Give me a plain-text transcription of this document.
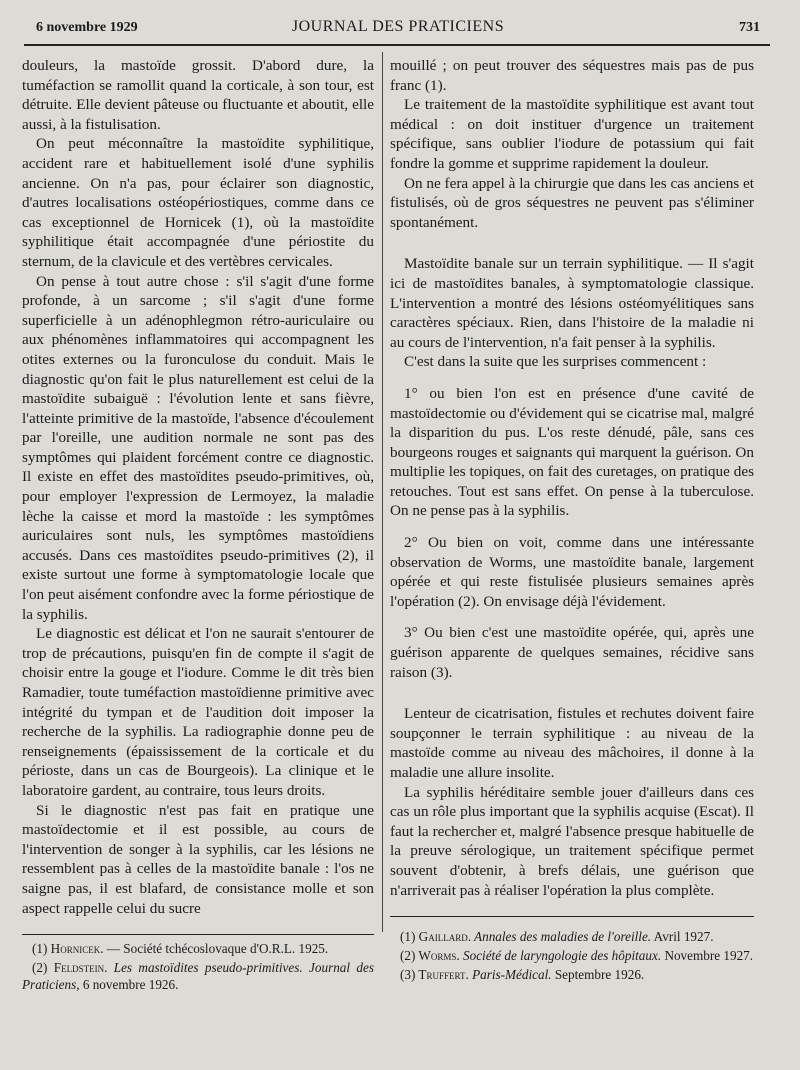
6 novembre 1929	JOURNAL DES PRATICIENS	731

douleurs, la mastoïde grossit. D'abord dure, la tuméfaction se ramollit quand la corticale, à son tour, est détruite. Elle devient pâteuse ou fluctuante et aboutit, elle aussi, à la fistulisation.

On peut méconnaître la mastoïdite syphilitique, accident rare et habituellement isolé d'une syphilis ancienne. On n'a pas, pour éclairer son diagnostic, d'autres localisations ostéopériostiques, comme dans ce cas exceptionnel de Hornicek (1), où la mastoïdite syphilitique était accompagnée d'une périostite du sternum, de la clavicule et des vertèbres cervicales.

On pense à tout autre chose : s'il s'agit d'une forme profonde, à un sarcome ; s'il s'agit d'une forme superficielle à un adénophlegmon rétro-auriculaire ou aux phénomènes inflammatoires qui accompagnent les otites externes ou la furonculose du conduit. Mais le diagnostic qu'on fait le plus naturellement est celui de la mastoïdite subaiguë : l'évolution lente et sans fièvre, l'atteinte primitive de la mastoïde, l'absence d'écoulement par l'oreille, une audition normale ne sont pas des symptômes qui plaident forcément contre ce diagnostic. Il existe en effet des mastoïdites pseudo-primitives, où, pour employer l'expression de Lermoyez, la maladie lèche la caisse et mord la mastoïde : les symptômes auriculaires sont nuls, les symptômes mastoïdiens accusés. Dans ces mastoïdites pseudo-primitives (2), il existe surtout une forme à symptomatologie locale que l'on peut aisément confondre avec la forme périostique de la syphilis.

Le diagnostic est délicat et l'on ne saurait s'entourer de trop de précautions, puisqu'en fin de compte il s'agit de choisir entre la gouge et l'iodure. Comme le dit très bien Ramadier, toute tuméfaction mastoïdienne primitive avec intégrité du tympan et de l'audition doit imposer la recherche de la syphilis. La radiographie donne peu de renseignements (épaississement de la corticale et du périoste, dans un cas de Bourgeois). La clinique et le laboratoire gardent, au contraire, tous leurs droits.

Si le diagnostic n'est pas fait en pratique une mastoïdectomie et il est possible, au cours de l'intervention de songer à la syphilis, car les lésions ne ressemblent pas à celles de la mastoïdite banale : l'os ne saigne pas, il est blafard, de consistance molle et son aspect rappelle celui du sucre

mouillé ; on peut trouver des séquestres mais pas de pus franc (1).

Le traitement de la mastoïdite syphilitique est avant tout médical : on doit instituer d'urgence un traitement spécifique, sans oublier l'iodure de potassium qui fait fondre la gomme et supprime rapidement la douleur.

On ne fera appel à la chirurgie que dans les cas anciens et fistulisés, où de gros séquestres ne peuvent pas s'éliminer spontanément.

Mastoïdite banale sur un terrain syphilitique. — Il s'agit ici de mastoïdites banales, à symptomatologie classique. L'intervention a montré des lésions ostéomyélitiques sans caractères spéciaux. Rien, dans l'histoire de la maladie ni au cours de l'intervention, n'a fait penser à la syphilis.

C'est dans la suite que les surprises commencent :

1° ou bien l'on est en présence d'une cavité de mastoïdectomie ou d'évidement qui se cicatrise mal, malgré la disparition du pus. L'os reste dénudé, pâle, sans ces bourgeons rouges et saignants qui marquent la guérison. On multiplie les topiques, on fait des curetages, on pratique des retouches. Tout est sans effet. On pense à la tuberculose. On ne pense pas à la syphilis.

2° Ou bien on voit, comme dans une intéressante observation de Worms, une mastoïdite banale, largement opérée et qui reste fistulisée plusieurs semaines après l'opération (2). On envisage déjà l'évidement.

3° Ou bien c'est une mastoïdite opérée, qui, après une guérison apparente de quelques semaines, récidive sans raison (3).

Lenteur de cicatrisation, fistules et rechutes doivent faire soupçonner le terrain syphilitique : au niveau de la mastoïde comme au niveau des mâchoires, il donne à la maladie une allure insolite.

La syphilis héréditaire semble jouer d'ailleurs dans ces cas un rôle plus important que la syphilis acquise (Escat). Il faut la rechercher et, malgré l'absence presque habituelle de la preuve sérologique, un traitement spécifique permet souvent d'obtenir, à brefs délais, une guérison que n'arriverait pas à réaliser l'opération la plus complète.

(1) Hornicek. — Société tchécoslovaque d'O.R.L. 1925.

(2) Feldstein. Les mastoïdites pseudo-primitives. Journal des Praticiens, 6 novembre 1926.

(1) Gaillard. Annales des maladies de l'oreille. Avril 1927.

(2) Worms. Société de laryngologie des hôpitaux. Novembre 1927.

(3) Truffert. Paris-Médical. Septembre 1926.
